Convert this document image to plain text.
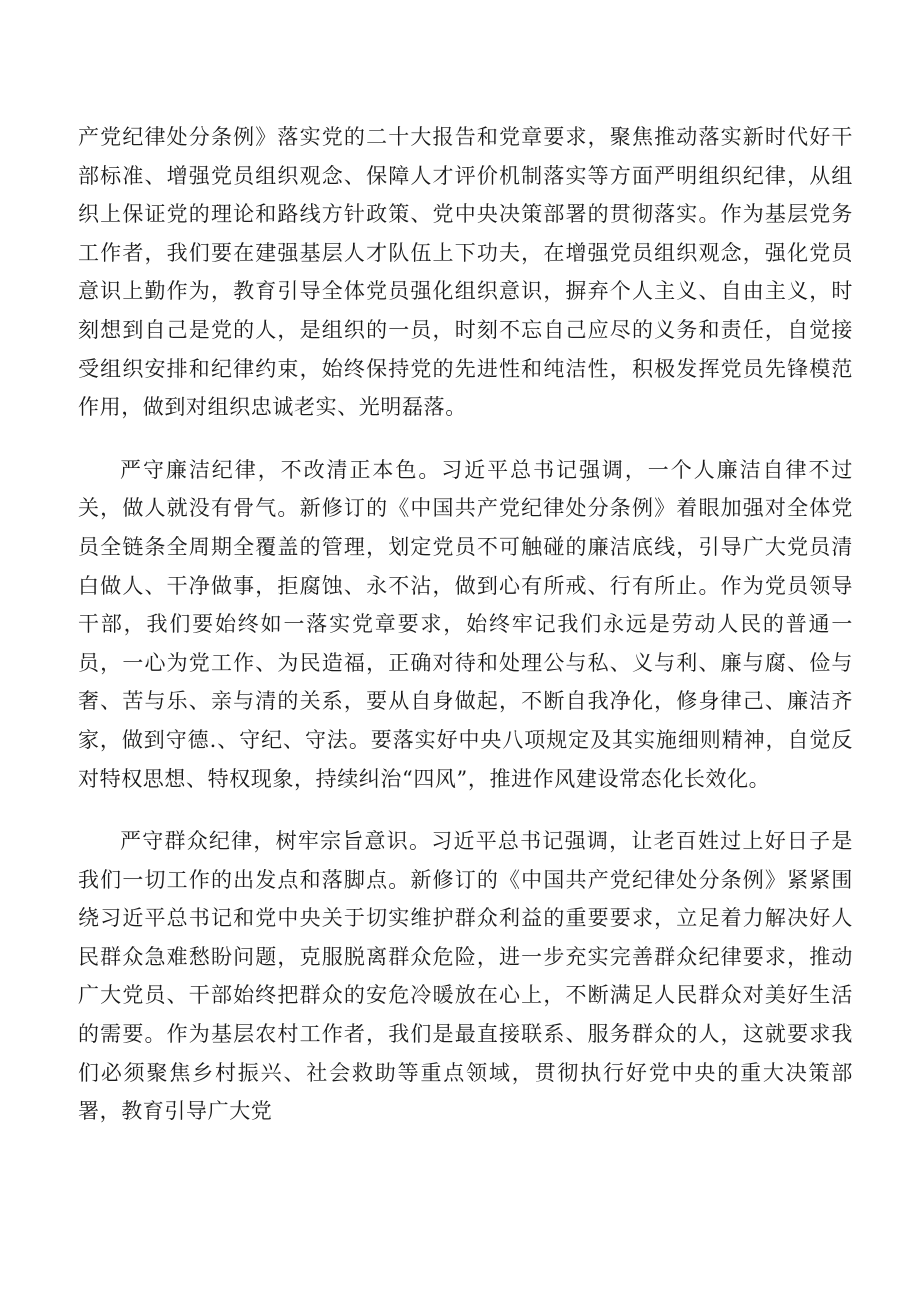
产党纪律处分条例》落实党的二十大报告和党章要求，聚焦推动落实新时代好干部标准、增强党员组织观念、保障人才评价机制落实等方面严明组织纪律，从组织上保证党的理论和路线方针政策、党中央决策部署的贯彻落实。作为基层党务工作者，我们要在建强基层人才队伍上下功夫，在增强党员组织观念，强化党员意识上勤作为，教育引导全体党员强化组织意识，摒弃个人主义、自由主义，时刻想到自己是党的人，是组织的一员，时刻不忘自己应尽的义务和责任，自觉接受组织安排和纪律约束，始终保持党的先进性和纯洁性，积极发挥党员先锋模范作用，做到对组织忠诚老实、光明磊落。

严守廉洁纪律，不改清正本色。习近平总书记强调，一个人廉洁自律不过关，做人就没有骨气。新修订的《中国共产党纪律处分条例》着眼加强对全体党员全链条全周期全覆盖的管理，划定党员不可触碰的廉洁底线，引导广大党员清白做人、干净做事，拒腐蚀、永不沾，做到心有所戒、行有所止。作为党员领导干部，我们要始终如一落实党章要求，始终牢记我们永远是劳动人民的普通一员，一心为党工作、为民造福，正确对待和处理公与私、义与利、廉与腐、俭与奢、苦与乐、亲与清的关系，要从自身做起，不断自我净化，修身律己、廉洁齐家，做到守德.、守纪、守法。要落实好中央八项规定及其实施细则精神，自觉反对特权思想、特权现象，持续纠治“四风”，推进作风建设常态化长效化。

严守群众纪律，树牢宗旨意识。习近平总书记强调，让老百姓过上好日子是我们一切工作的出发点和落脚点。新修订的《中国共产党纪律处分条例》紧紧围绕习近平总书记和党中央关于切实维护群众利益的重要要求，立足着力解决好人民群众急难愁盼问题，克服脱离群众危险，进一步充实完善群众纪律要求，推动广大党员、干部始终把群众的安危冷暖放在心上，不断满足人民群众对美好生活的需要。作为基层农村工作者，我们是最直接联系、服务群众的人，这就要求我们必须聚焦乡村振兴、社会救助等重点领域，贯彻执行好党中央的重大决策部署，教育引导广大党
